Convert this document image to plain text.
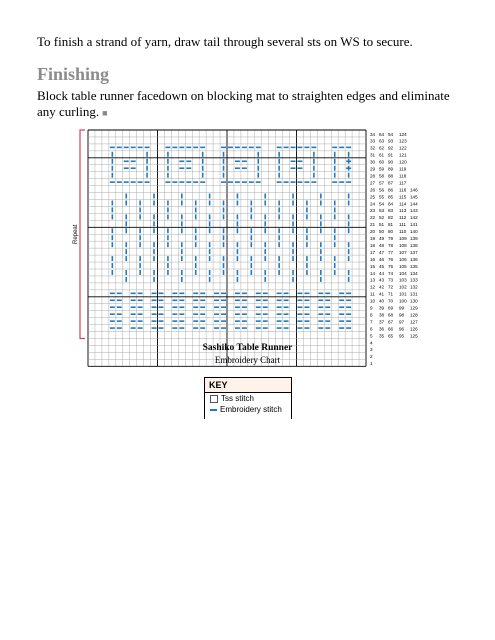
To finish a strand of yarn, draw tail through several sts on WS to secure.
Finishing
Block table runner facedown on blocking mat to straighten edges and eliminate any curling. ■
Repeat
34 64 94 124
33 63 93 123
32 62 92 122
31 61 91 121
30 60 90 120
29 59 89 119
28 58 88 118
27 57 87 117
26 56 86 116 146
25 55 85 115 145
24 54 84 114 144
23 53 83 113 143
22 52 82 112 142
21 51 81 111 141
20 50 80 110 140
19 49 79 109 139
18 48 78 108 138
17 47 77 107 137
16 46 76 106 136
15 45 75 105 135
14 44 74 104 134
13 43 73 103 133
12 42 72 102 132
11 41 71 101 131
10 40 70 100 130
9 39 69 99 129
8 38 68 98 128
7 37 67 97 127
6 36 66 96 126
5 35 65 95 125
4
3
2
1
Sashiko Table Runner
Embroidery Chart
KEY
Tss stitch
Embroidery stitch
